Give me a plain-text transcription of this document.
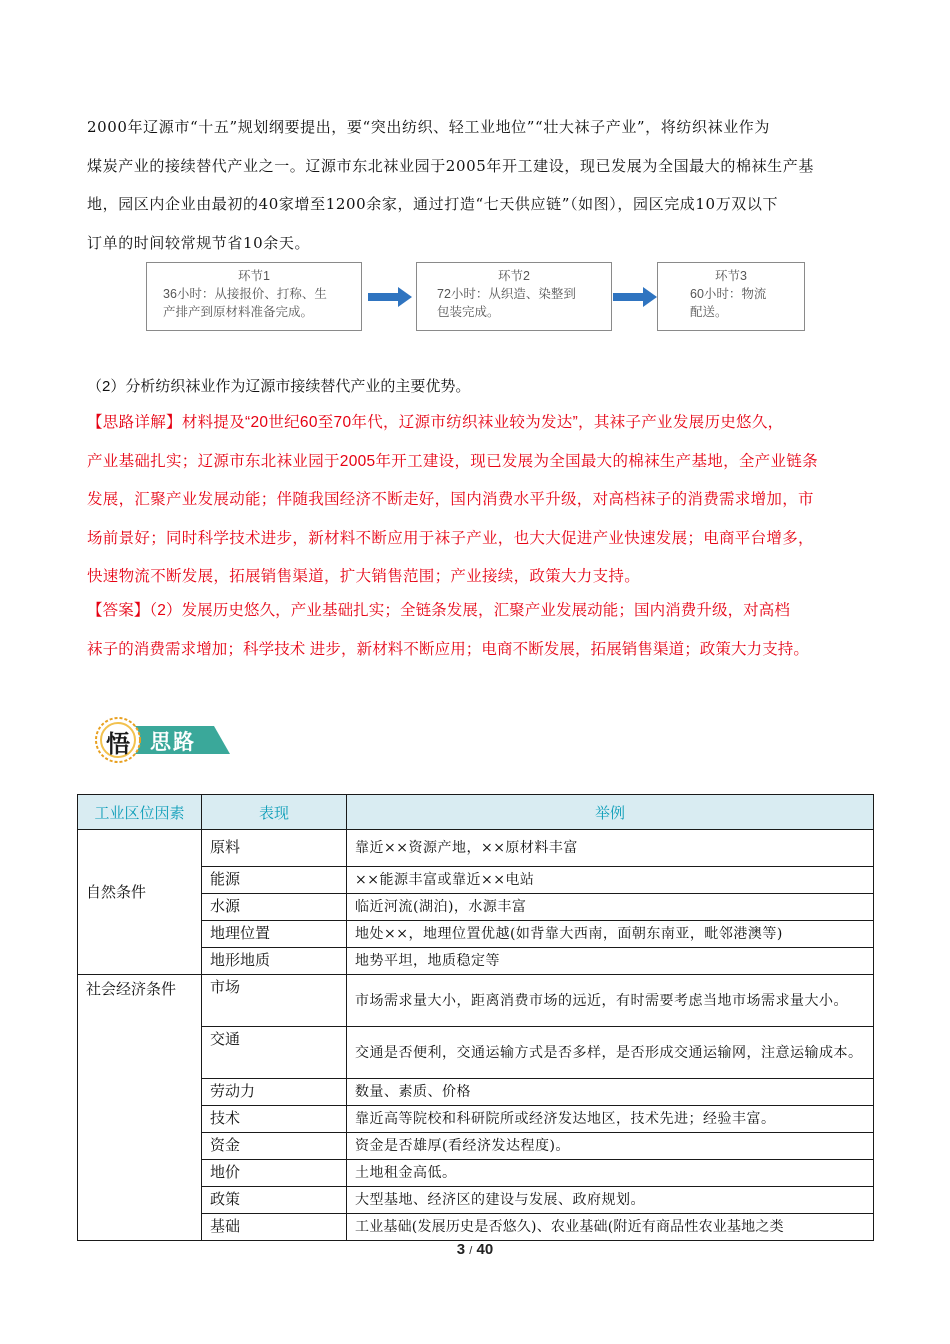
2000年辽源市“十五”规划纲要提出，要“突出纺织、轻工业地位”“壮大袜子产业”，将纺织袜业作为
煤炭产业的接续替代产业之一。辽源市东北袜业园于2005年开工建设，现已发展为全国最大的棉袜生产基
地，园区内企业由最初的40家增至1200余家，通过打造“七天供应链”（如图），园区完成10万双以下
订单的时间较常规节省10余天。
环节1
36小时：从接报价、打称、生
产排产到原材料准备完成。
环节2
72小时：从织造、染整到
包装完成。
环节3
60小时：物流
配送。
（2）分析纺织袜业作为辽源市接续替代产业的主要优势。
【思路详解】材料提及“20世纪60至70年代，辽源市纺织袜业较为发达”，其袜子产业发展历史悠久，
产业基础扎实；辽源市东北袜业园于2005年开工建设，现已发展为全国最大的棉袜生产基地，全产业链条
发展，汇聚产业发展动能；伴随我国经济不断走好，国内消费水平升级，对高档袜子的消费需求增加，市
场前景好；同时科学技术进步，新材料不断应用于袜子产业，也大大促进产业快速发展；电商平台增多，
快速物流不断发展，拓展销售渠道，扩大销售范围；产业接续，政策大力支持。
【答案】（2）发展历史悠久，产业基础扎实；全链条发展，汇聚产业发展动能；国内消费升级，对高档
袜子的消费需求增加；科学技术 进步，新材料不断应用；电商不断发展，拓展销售渠道；政策大力支持。
悟 思路
工业区位因素	表现	举例
自然条件	原料	靠近××资源产地，××原材料丰富
	能源	××能源丰富或靠近××电站
	水源	临近河流(湖泊)，水源丰富
	地理位置	地处××，地理位置优越(如背靠大西南，面朝东南亚，毗邻港澳等)
	地形地质	地势平坦，地质稳定等
社会经济条件	市场	市场需求量大小，距离消费市场的远近，有时需要考虑当地市场需求量大小。
	交通	交通是否便利，交通运输方式是否多样，是否形成交通运输网，注意运输成本。
	劳动力	数量、素质、价格
	技术	靠近高等院校和科研院所或经济发达地区，技术先进；经验丰富。
	资金	资金是否雄厚(看经济发达程度)。
	地价	土地租金高低。
	政策	大型基地、经济区的建设与发展、政府规划。
	基础	工业基础(发展历史是否悠久)、农业基础(附近有商品性农业基地之类
3 / 40
